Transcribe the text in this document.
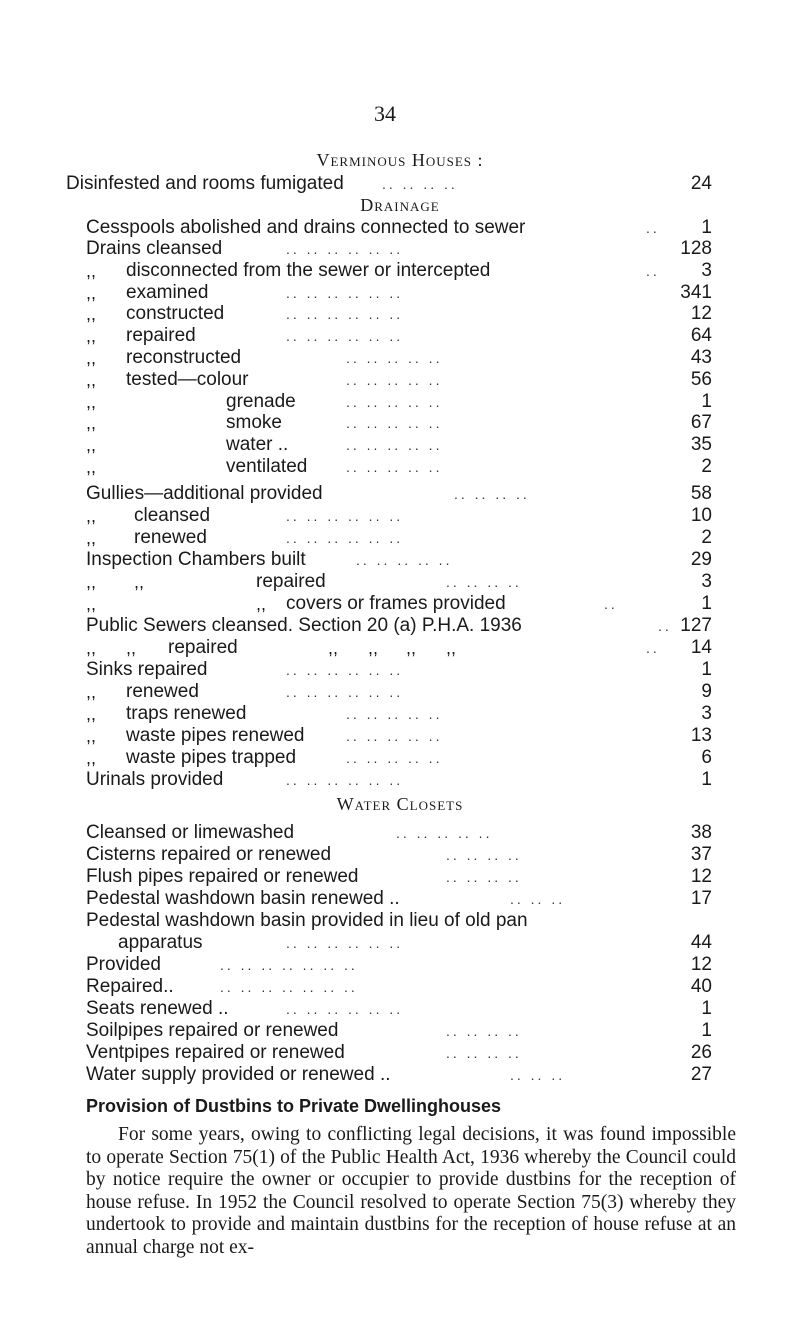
34
Verminous Houses :
Disinfested and rooms fumigated	.. .. .. ..	24
Drainage
Cesspools abolished and drains connected to sewer	..	1
Drains cleansed	.. .. .. .. .. ..	128
,, disconnected from the sewer or intercepted	..	3
,, examined	.. .. .. .. .. ..	341
,, constructed	.. .. .. .. .. ..	12
,, repaired	.. .. .. .. .. ..	64
,, reconstructed	.. .. .. .. ..	43
,, tested—colour	.. .. .. .. ..	56
,,	grenade	.. .. .. .. ..	1
,,	smoke	.. .. .. .. ..	67
,,	water ..	.. .. .. .. ..	35
,,	ventilated	.. .. .. .. ..	2
Gullies—additional provided	.. .. .. ..	58
,, cleansed	.. .. .. .. .. ..	10
,, renewed	.. .. .. .. .. ..	2
Inspection Chambers built	.. .. .. .. ..	29
,, ,,	repaired	.. .. .. ..	3
,,	,, covers or frames provided	..	1
Public Sewers cleansed. Section 20 (a) P.H.A. 1936	.. 127
,, ,, repaired	,, ,, ,, ,,	..	14
Sinks repaired	.. .. .. .. .. ..	1
,, renewed	.. .. .. .. .. ..	9
,, traps renewed	.. .. .. .. ..	3
,, waste pipes renewed	.. .. .. .. ..	13
,, waste pipes trapped	.. .. .. .. ..	6
Urinals provided	.. .. .. .. .. ..	1
Water Closets
Cleansed or limewashed	.. .. .. .. ..	38
Cisterns repaired or renewed	.. .. .. ..	37
Flush pipes repaired or renewed	.. .. .. ..	12
Pedestal washdown basin renewed ..	.. .. ..	17
Pedestal washdown basin provided in lieu of old pan
apparatus	.. .. .. .. .. ..	44
Provided	.. .. .. .. .. .. ..	12
Repaired..	.. .. .. .. .. .. ..	40
Seats renewed ..	.. .. .. .. .. ..	1
Soilpipes repaired or renewed	.. .. .. ..	1
Ventpipes repaired or renewed	.. .. .. ..	26
Water supply provided or renewed ..	.. .. ..	27
Provision of Dustbins to Private Dwellinghouses
For some years, owing to conflicting legal decisions, it was found impossible to operate Section 75(1) of the Public Health Act, 1936 whereby the Council could by notice require the owner or occupier to provide dustbins for the reception of house refuse. In 1952 the Council resolved to operate Section 75(3) whereby they undertook to provide and maintain dustbins for the reception of house refuse at an annual charge not ex-
